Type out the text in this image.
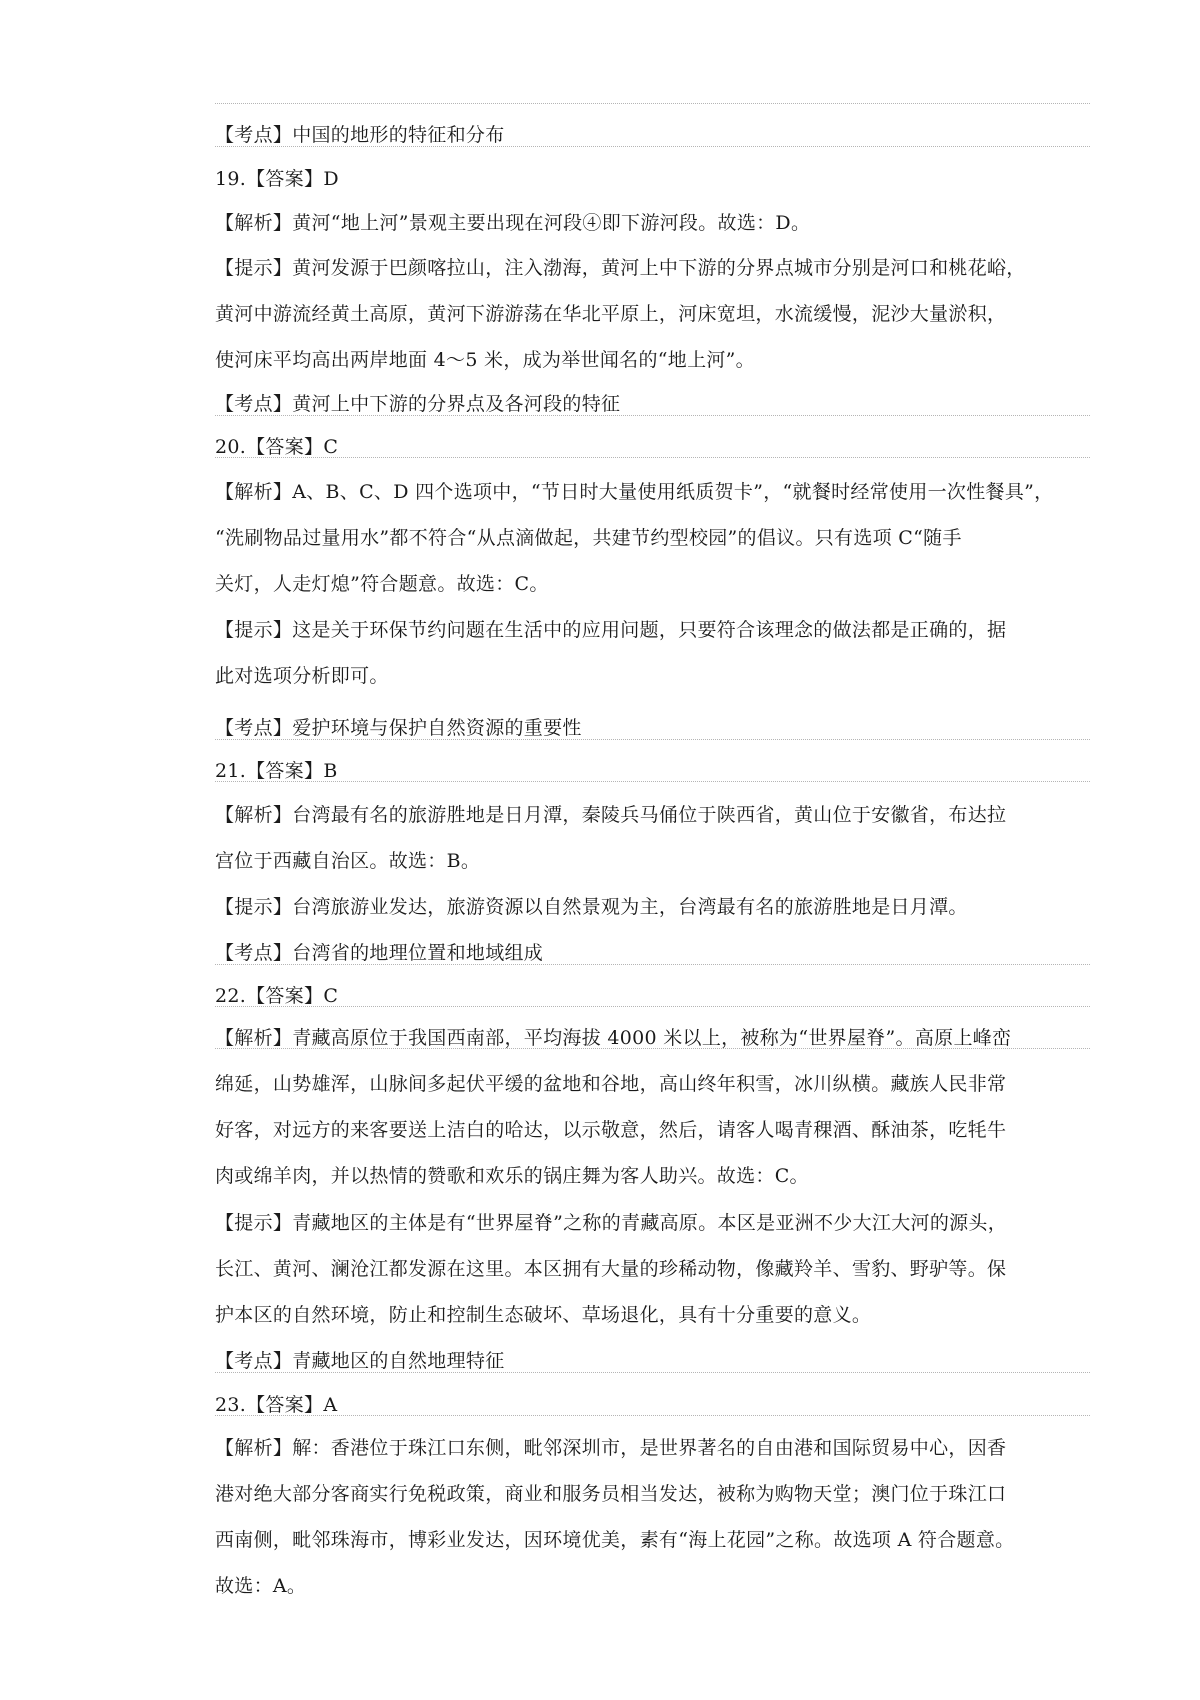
【考点】中国的地形的特征和分布
19.【答案】D
【解析】黄河“地上河”景观主要出现在河段④即下游河段。故选：D。
【提示】黄河发源于巴颜喀拉山，注入渤海，黄河上中下游的分界点城市分别是河口和桃花峪，
黄河中游流经黄土高原，黄河下游游荡在华北平原上，河床宽坦，水流缓慢，泥沙大量淤积，
使河床平均高出两岸地面 4～5 米，成为举世闻名的“地上河”。
【考点】黄河上中下游的分界点及各河段的特征
20.【答案】C
【解析】A、B、C、D 四个选项中，“节日时大量使用纸质贺卡”，“就餐时经常使用一次性餐具”，
“洗刷物品过量用水”都不符合“从点滴做起，共建节约型校园”的倡议。只有选项 C“随手
关灯，人走灯熄”符合题意。故选：C。
【提示】这是关于环保节约问题在生活中的应用问题，只要符合该理念的做法都是正确的，据
此对选项分析即可。
【考点】爱护环境与保护自然资源的重要性
21.【答案】B
【解析】台湾最有名的旅游胜地是日月潭，秦陵兵马俑位于陕西省，黄山位于安徽省，布达拉
宫位于西藏自治区。故选：B。
【提示】台湾旅游业发达，旅游资源以自然景观为主，台湾最有名的旅游胜地是日月潭。
【考点】台湾省的地理位置和地域组成
22.【答案】C
【解析】青藏高原位于我国西南部，平均海拔 4000 米以上，被称为“世界屋脊”。高原上峰峦
绵延，山势雄浑，山脉间多起伏平缓的盆地和谷地，高山终年积雪，冰川纵横。藏族人民非常
好客，对远方的来客要送上洁白的哈达，以示敬意，然后，请客人喝青稞酒、酥油茶，吃牦牛
肉或绵羊肉，并以热情的赞歌和欢乐的锅庄舞为客人助兴。故选：C。
【提示】青藏地区的主体是有“世界屋脊”之称的青藏高原。本区是亚洲不少大江大河的源头，
长江、黄河、澜沧江都发源在这里。本区拥有大量的珍稀动物，像藏羚羊、雪豹、野驴等。保
护本区的自然环境，防止和控制生态破坏、草场退化，具有十分重要的意义。
【考点】青藏地区的自然地理特征
23.【答案】A
【解析】解：香港位于珠江口东侧，毗邻深圳市，是世界著名的自由港和国际贸易中心，因香
港对绝大部分客商实行免税政策，商业和服务员相当发达，被称为购物天堂；澳门位于珠江口
西南侧，毗邻珠海市，博彩业发达，因环境优美，素有“海上花园”之称。故选项 A 符合题意。
故选：A。
